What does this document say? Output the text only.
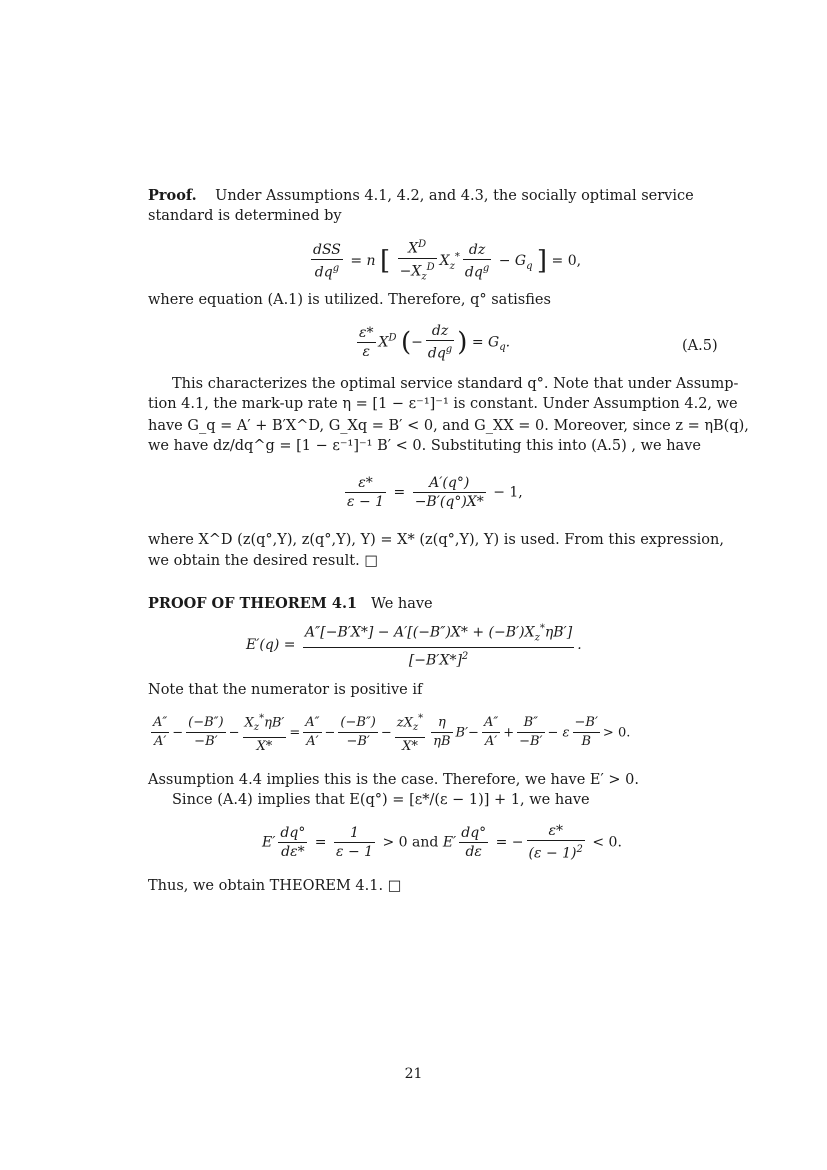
Proof. Under Assumptions 4.1, 4.2, and 4.3, the socially optimal service
standard is determined by
$\frac{\text{dSS}}{dq^g} = n$ [ $\frac{X^D}{-X_z^D} X_z^* \frac{dz}{dq^g} - G_q$ ] = 0,
where equation (A.1) is utilized. Therefore, q° satisfies
$\frac{\varepsilon*}{\varepsilon} X^D$ (− $\frac{dz}{dq^g}$ ) = $G_q$.	(A.5)
This characterizes the optimal service standard q°. Note that under Assump-
tion 4.1, the mark-up rate η = [1 − ε⁻¹]⁻¹ is constant. Under Assumption 4.2, we
have G_q = A′ + B′X^D, G_Xq = B′ < 0, and G_XX = 0. Moreover, since z = ηB(q),
we have dz/dq^g = [1 − ε⁻¹]⁻¹ B′ < 0. Substituting this into (A.5) , we have
$\frac{\varepsilon*}{\varepsilon - 1} = \frac{A'(q^\circ)}{-B'(q^\circ)X*} - 1$,
where X^D (z(q°,Y), z(q°,Y), Y) = X* (z(q°,Y), Y) is used. From this expression,
we obtain the desired result. □
PROOF OF THEOREM 4.1 We have
$E'(q) = \frac{A''[-B'X*] - A'[(-B'')X* + (-B')X_z^*\eta B']}{[-B'X*]^2}$ .
Note that the numerator is positive if
$\frac{A''}{A'} - \frac{(-B'')}{-B'} - \frac{X_z^*\eta B'}{X*} = \frac{A''}{A'} - \frac{(-B'')}{-B'} - \frac{zX_z^*}{X*} \frac{\eta}{\eta B} B'- \frac{A''}{A'} + \frac{B''}{-B'} - \varepsilon \frac{-B'}{B} > 0$.
Assumption 4.4 implies this is the case. Therefore, we have E′ > 0.
Since (A.4) implies that E(q°) = [ε*/(ε − 1)] + 1, we have
$E' \frac{dq^\circ}{d\varepsilon*} = \frac{1}{\varepsilon - 1} > 0$ and $E' \frac{dq^\circ}{d\varepsilon}$ = − $\frac{\varepsilon*}{(\varepsilon - 1)^2} < 0$.
Thus, we obtain THEOREM 4.1. □
21
